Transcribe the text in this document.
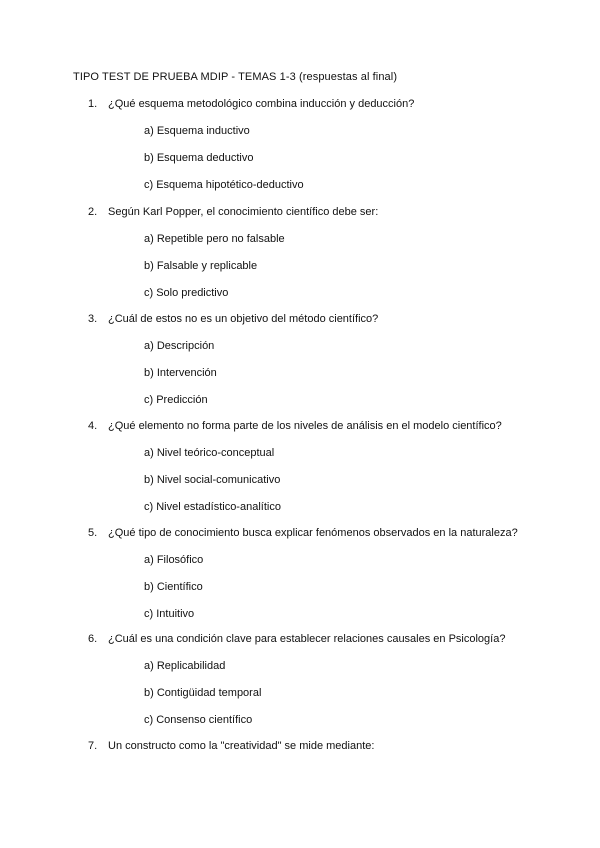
TIPO TEST DE PRUEBA MDIP - TEMAS 1-3 (respuestas al final)
1. ¿Qué esquema metodológico combina inducción y deducción?
a) Esquema inductivo
b) Esquema deductivo
c) Esquema hipotético-deductivo
2. Según Karl Popper, el conocimiento científico debe ser:
a) Repetible pero no falsable
b) Falsable y replicable
c) Solo predictivo
3. ¿Cuál de estos no es un objetivo del método científico?
a) Descripción
b) Intervención
c) Predicción
4. ¿Qué elemento no forma parte de los niveles de análisis en el modelo científico?
a) Nivel teórico-conceptual
b) Nivel social-comunicativo
c) Nivel estadístico-analítico
5. ¿Qué tipo de conocimiento busca explicar fenómenos observados en la naturaleza?
a) Filosófico
b) Científico
c) Intuitivo
6. ¿Cuál es una condición clave para establecer relaciones causales en Psicología?
a) Replicabilidad
b) Contigüidad temporal
c) Consenso científico
7. Un constructo como la "creatividad" se mide mediante:
